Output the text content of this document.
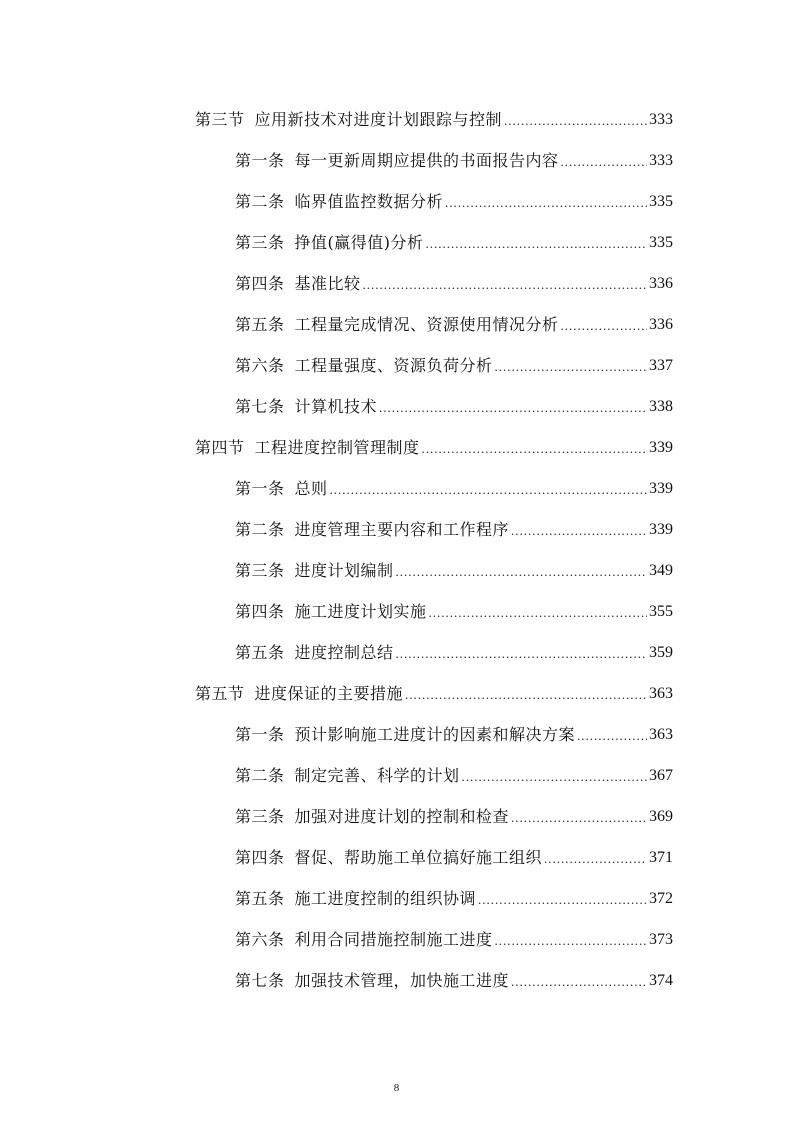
第三节 应用新技术对进度计划跟踪与控制 .....	333
第一条 每一更新周期应提供的书面报告内容 .....	333
第二条 临界值监控数据分析 .....	335
第三条 挣值(赢得值)分析 .....	335
第四条 基准比较 .....	336
第五条 工程量完成情况、资源使用情况分析 .....	336
第六条 工程量强度、资源负荷分析 .....	337
第七条 计算机技术 .....	338
第四节 工程进度控制管理制度 .....	339
第一条 总则 .....	339
第二条 进度管理主要内容和工作程序 .....	339
第三条 进度计划编制 .....	349
第四条 施工进度计划实施 .....	355
第五条 进度控制总结 .....	359
第五节 进度保证的主要措施 .....	363
第一条 预计影响施工进度计的因素和解决方案 .....	363
第二条 制定完善、科学的计划 .....	367
第三条 加强对进度计划的控制和检查 .....	369
第四条 督促、帮助施工单位搞好施工组织 .....	371
第五条 施工进度控制的组织协调 .....	372
第六条 利用合同措施控制施工进度 .....	373
第七条 加强技术管理，加快施工进度 .....	374
8
